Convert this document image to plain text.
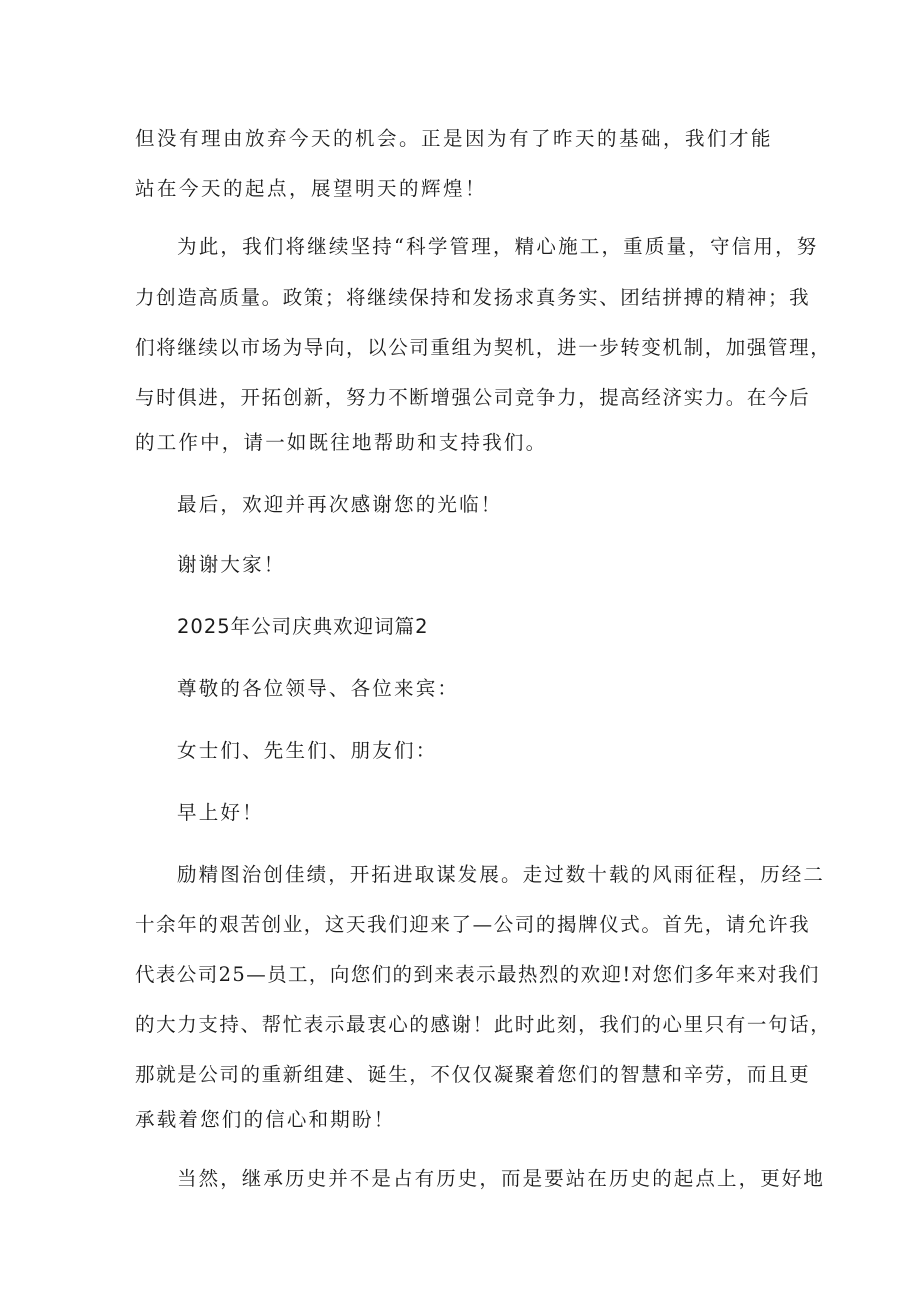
但没有理由放弃今天的机会。正是因为有了昨天的基础，我们才能
站在今天的起点，展望明天的辉煌！
为此，我们将继续坚持“科学管理，精心施工，重质量，守信用，努
力创造高质量。政策；将继续保持和发扬求真务实、团结拼搏的精神；我
们将继续以市场为导向，以公司重组为契机，进一步转变机制，加强管理，
与时俱进，开拓创新，努力不断增强公司竞争力，提高经济实力。在今后
的工作中，请一如既往地帮助和支持我们。
最后，欢迎并再次感谢您的光临！
谢谢大家！
2025年公司庆典欢迎词篇2
尊敬的各位领导、各位来宾：
女士们、先生们、朋友们：
早上好！
励精图治创佳绩，开拓进取谋发展。走过数十载的风雨征程，历经二
十余年的艰苦创业，这天我们迎来了—公司的揭牌仪式。首先，请允许我
代表公司25—员工，向您们的到来表示最热烈的欢迎!对您们多年来对我们
的大力支持、帮忙表示最衷心的感谢！此时此刻，我们的心里只有一句话，
那就是公司的重新组建、诞生，不仅仅凝聚着您们的智慧和辛劳，而且更
承载着您们的信心和期盼！
当然，继承历史并不是占有历史，而是要站在历史的起点上，更好地
